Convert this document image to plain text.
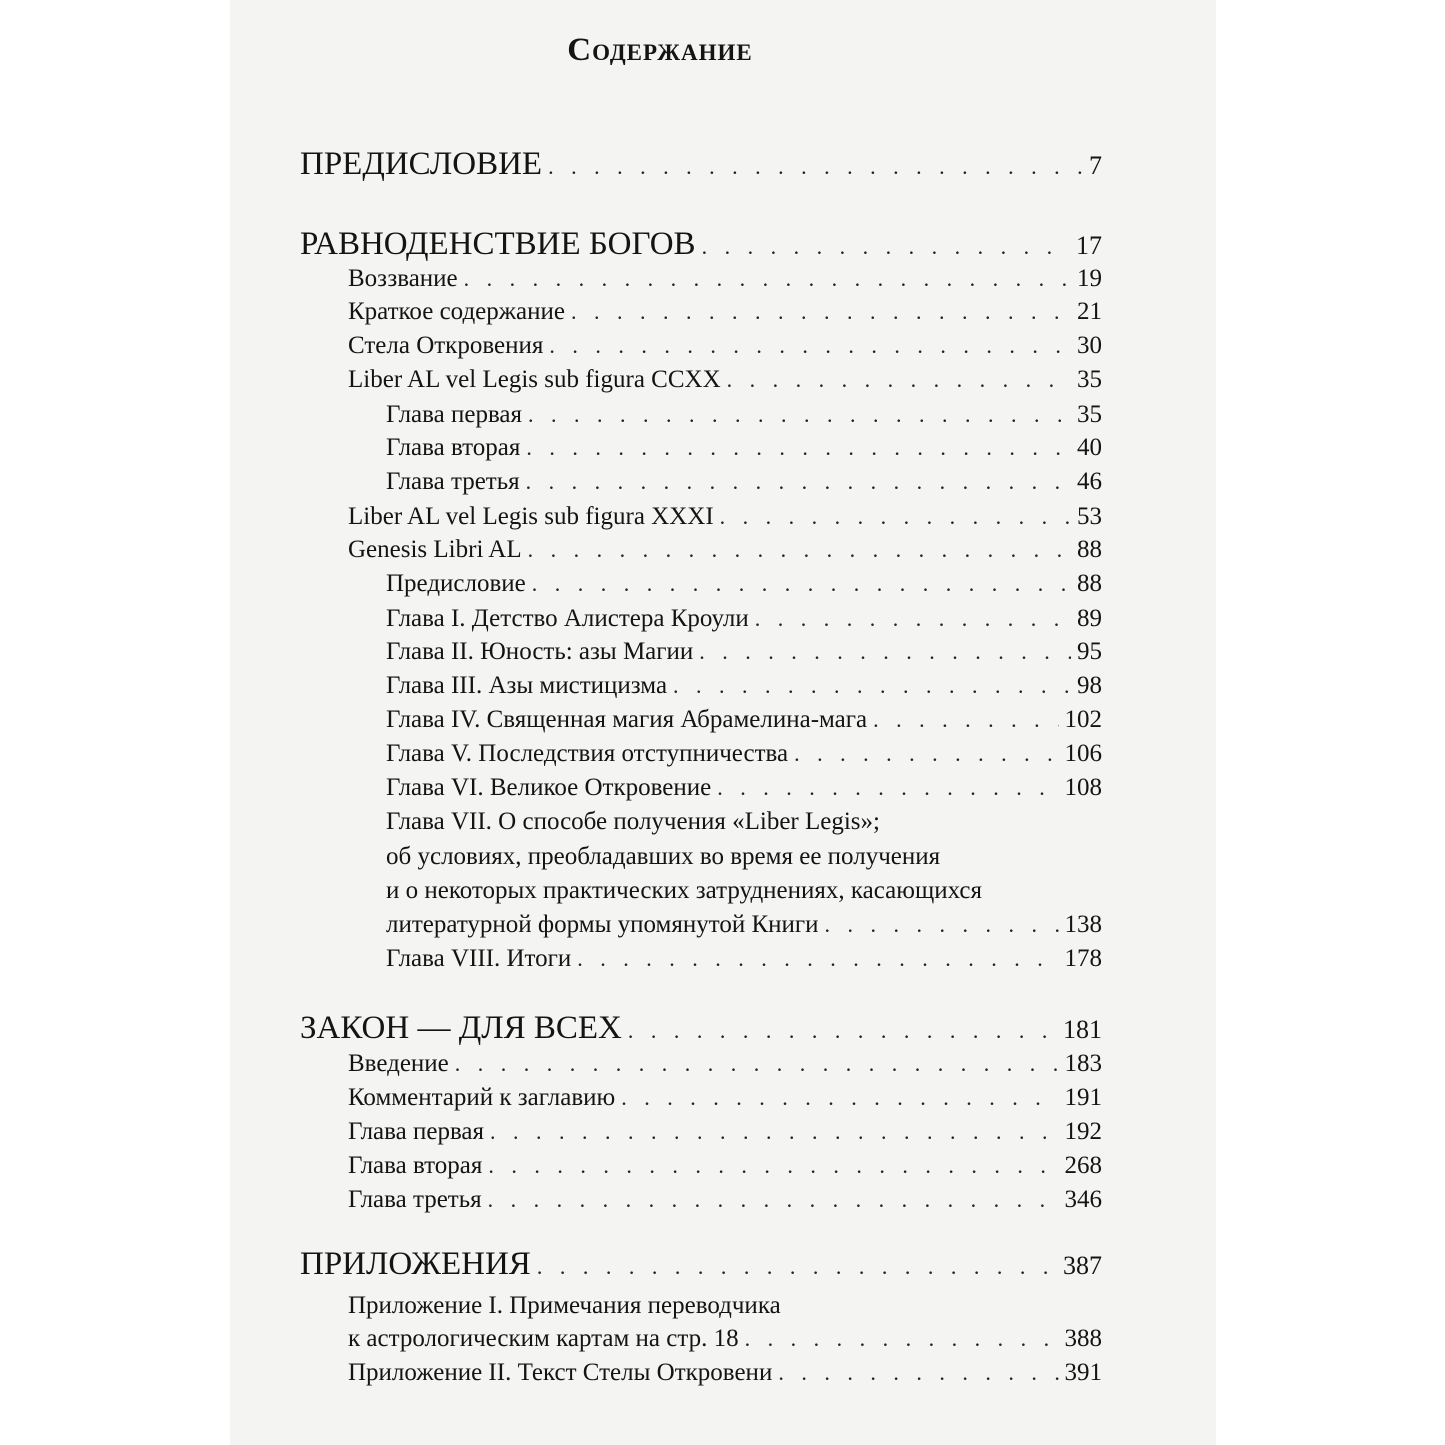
Содержание
ПРЕДИСЛОВИЕ . . .	7
РАВНОДЕНСТВИЕ БОГОВ . . .	17
Воззвание . . .	19
Краткое содержание . . .	21
Стела Откровения . . .	30
Liber AL vel Legis sub figura CCXX . . .	35
Глава первая . . .	35
Глава вторая . . .	40
Глава третья . . .	46
Liber AL vel Legis sub figura XXXI . . .	53
Genesis Libri AL . . .	88
Предисловие . . .	88
Глава I. Детство Алистера Кроули . . .	89
Глава II. Юность: азы Магии . . .	95
Глава III. Азы мистицизма . . .	98
Глава IV. Священная магия Абрамелина-мага . . .	102
Глава V. Последствия отступничества . . .	106
Глава VI. Великое Откровение . . .	108
Глава VII. О способе получения «Liber Legis»;
об условиях, преобладавших во время ее получения
и о некоторых практических затруднениях, касающихся
литературной формы упомянутой Книги . . .	138
Глава VIII. Итоги . . .	178
ЗАКОН — ДЛЯ ВСЕХ . . .	181
Введение . . .	183
Комментарий к заглавию . . .	191
Глава первая . . .	192
Глава вторая . . .	268
Глава третья . . .	346
ПРИЛОЖЕНИЯ . . .	387
Приложение I. Примечания переводчика
к астрологическим картам на стр. 18 . . .	388
Приложение II. Текст Стелы Откровени . . .	391
